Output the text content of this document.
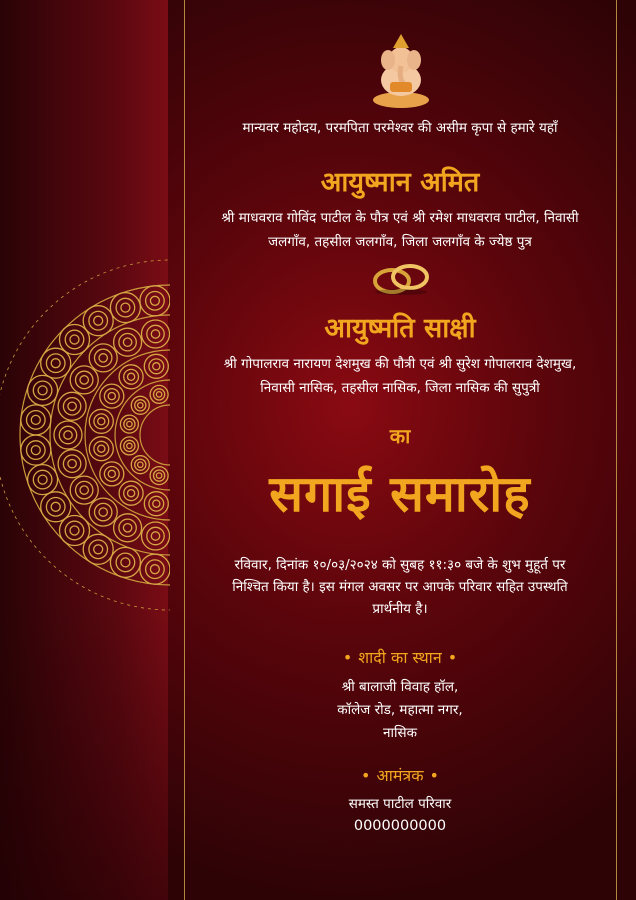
मान्यवर महोदय, परमपिता परमेश्वर की असीम कृपा से हमारे यहाँ
आयुष्मान अमित
श्री माधवराव गोविंद पाटील के पौत्र एवं श्री रमेश माधवराव पाटील, निवासी
जलगाँव, तहसील जलगाँव, जिला जलगाँव के ज्येष्ठ पुत्र
आयुष्मति साक्षी
श्री गोपालराव नारायण देशमुख की पौत्री एवं श्री सुरेश गोपालराव देशमुख,
निवासी नासिक, तहसील नासिक, जिला नासिक की सुपुत्री
का
सगाई समारोह
रविवार, दिनांक १०/०३/२०२४ को सुबह ११:३० बजे के शुभ मुहूर्त पर
निश्चित किया है। इस मंगल अवसर पर आपके परिवार सहित उपस्थति
प्रार्थनीय है।
• शादी का स्थान •
श्री बालाजी विवाह हॉल,
कॉलेज रोड, महात्मा नगर,
नासिक
• आमंत्रक •
समस्त पाटील परिवार
0000000000
